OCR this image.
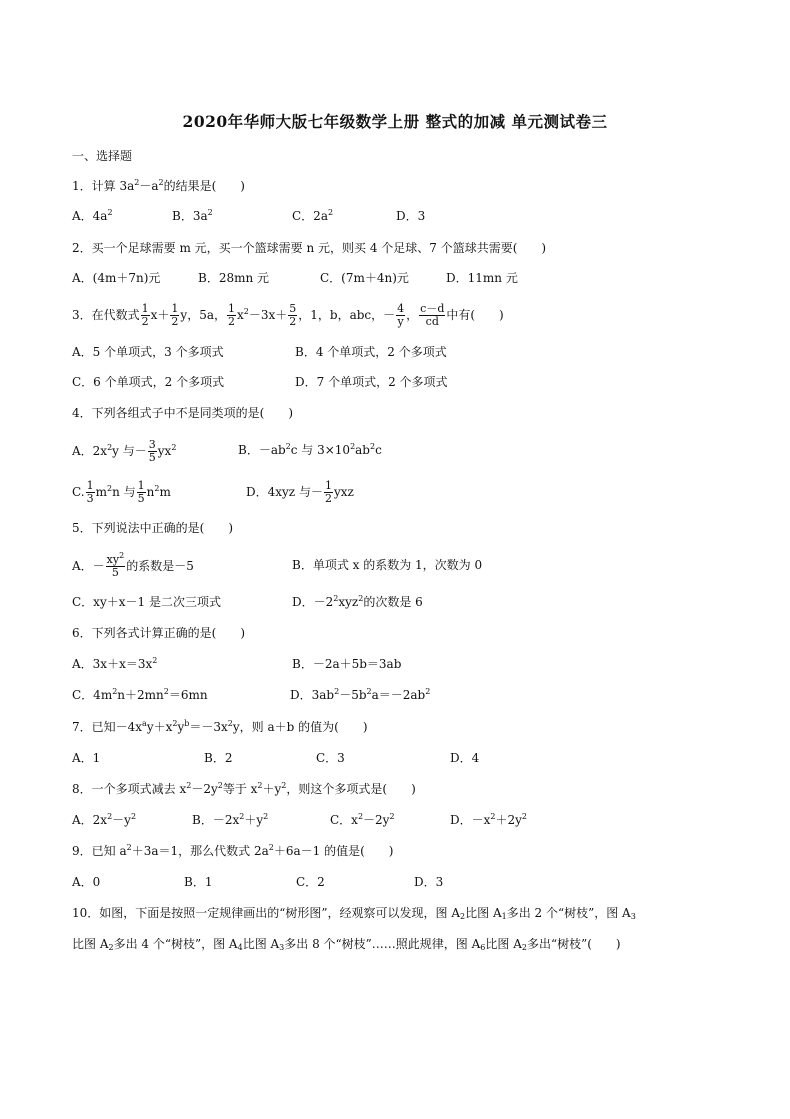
2020年华师大版七年级数学上册 整式的加减 单元测试卷三
一、选择题
1．计算 $3a^2-a^2$的结果是(　　)
A．$4a^2$	B．$3a^2$	C．$2a^2$	D．3
2．买一个足球需要 m 元，买一个篮球需要 n 元，则买 4 个足球、7 个篮球共需要(　　)
A．(4m＋7n)元	B．28mn 元	C．(7m＋4n)元	D．11mn 元
3．在代数式 $\frac{1}{2} x+ \frac{1}{2}$ y，5a， $\frac{1}{2} x^2-3x+ \frac{5}{2}$ ，1，b，abc，－ $\frac{4}{y}$ ， $\frac{c-d}{cd}$ 中有(　　)
A．5 个单项式，3 个多项式	B．4 个单项式，2 个多项式
C．6 个单项式，2 个多项式	D．7 个单项式，2 个多项式
4．下列各组式子中不是同类项的是(　　)
A．$2x^2y$ 与－ $\frac{3}{5} yx^2$	B．$-ab^2c$ 与 $3\times 10^2ab^2c$
C. $\frac{1}{3} m^2n$ 与 $\frac{1}{5} n^2m$	D．4xyz 与－ $\frac{1}{2}$ yxz
5．下列说法中正确的是(　　)
A．－ $\frac{xy^2}{5}$ 的系数是－5	B．单项式 x 的系数为 1，次数为 0
C．xy＋x－1 是二次三项式	D．$-2^2xyz^2$的次数是 6
6．下列各式计算正确的是(　　)
A．$3x+x=3x^2$	B．－2a＋5b＝3ab
C．$4m^2n+2mn^2=6mn$	D．$3ab^2-5b^2a=-2ab^2$
7．已知$-4x^ay+x^2y^b=-3x^2y$，则 a＋b 的值为(　　)
A．1	B．2	C．3	D．4
8．一个多项式减去 $x^2-2y^2$等于 $x^2+y^2$，则这个多项式是(　　)
A．$2x^2-y^2$	B．$-2x^2+y^2$	C．$x^2-2y^2$	D．$-x^2+2y^2$
9．已知 $a^2+3a=1$，那么代数式 $2a^2+6a-1$ 的值是(　　)
A．0	B．1	C．2	D．3
10．如图，下面是按照一定规律画出的“树形图”，经观察可以发现，图 $A_2$比图 $A_1$多出 2 个“树枝”，图 $A_3$
比图 $A_2$多出 4 个“树枝”，图 $A_4$比图 $A_3$多出 8 个“树枝”……照此规律，图 $A_6$比图 $A_2$多出“树枝”(　　)
